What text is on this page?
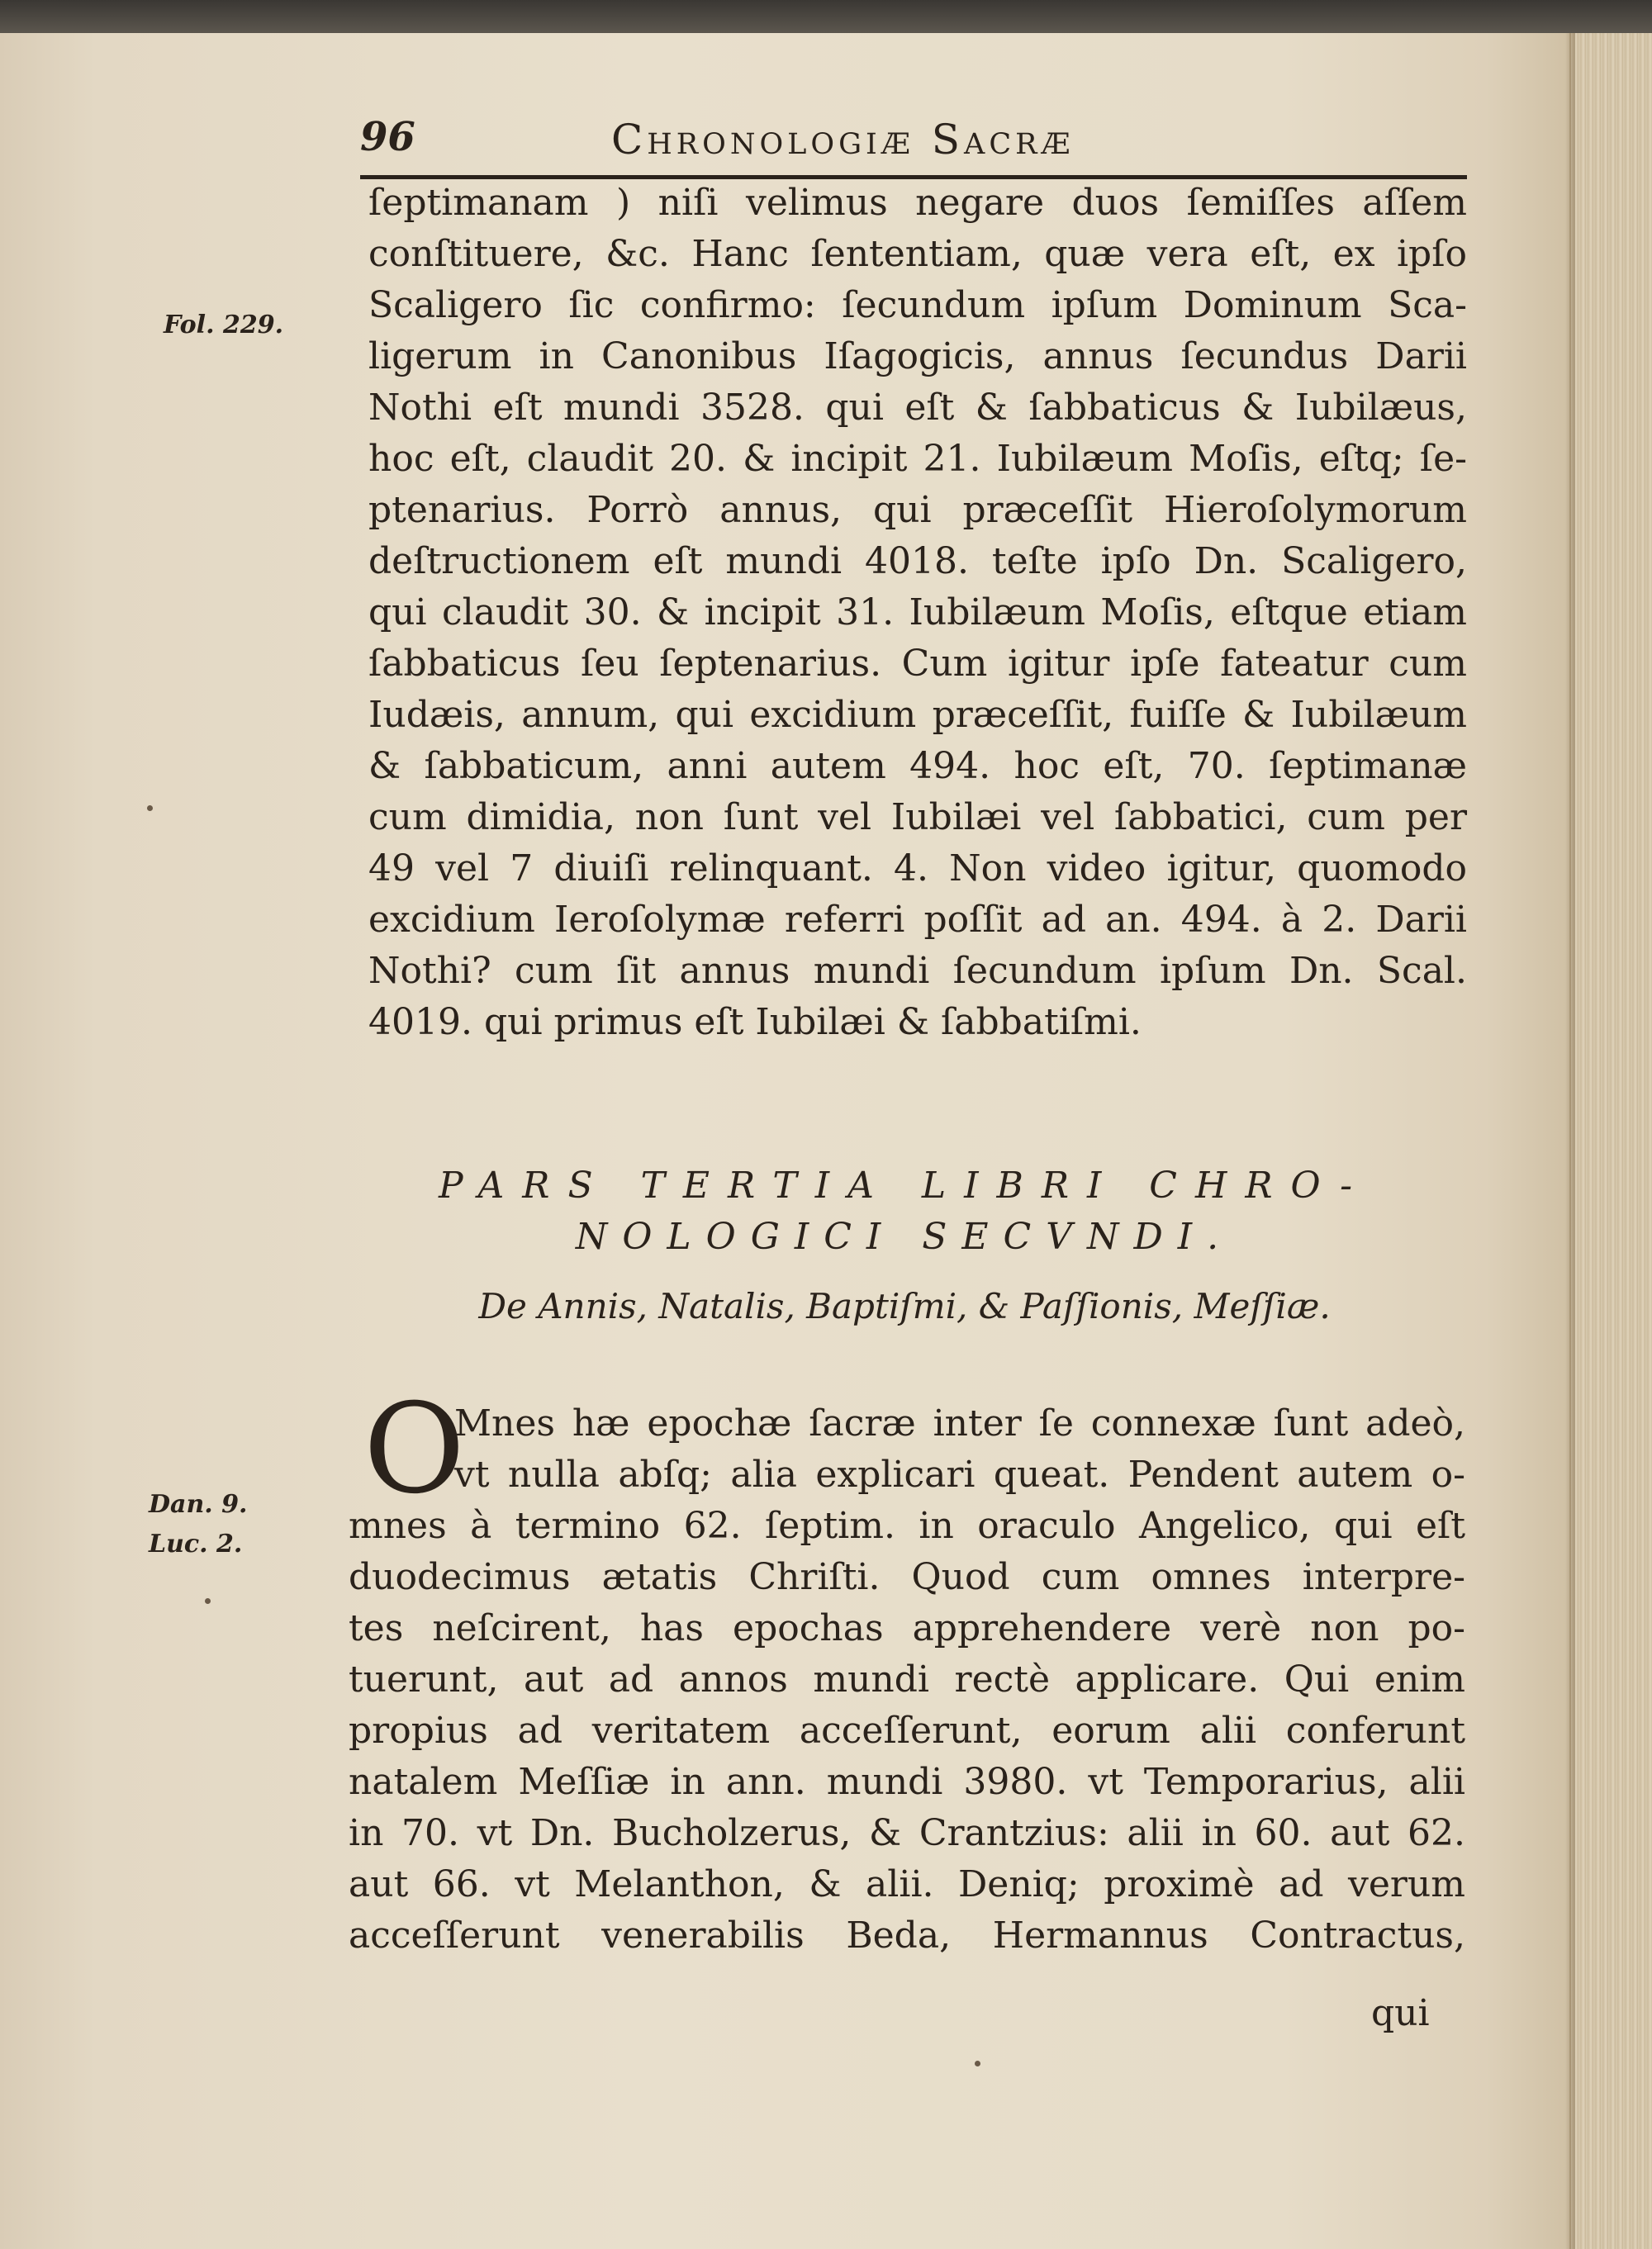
96	Chronologiæ Sacræ
Fol. 229.
ſeptimanam ) niſi velimus negare duos ſemiſſes aſſem
conſtituere, &c. Hanc ſententiam, quæ vera eſt, ex ipſo
Scaligero ſic confirmo: ſecundum ipſum Dominum Sca-
ligerum in Canonibus Iſagogicis, annus ſecundus Darii
Nothi eſt mundi 3528. qui eſt & ſabbaticus & Iubilæus,
hoc eſt, claudit 20. & incipit 21. Iubilæum Moſis, eſtq; ſe-
ptenarius. Porrò annus, qui præceſſit Hieroſolymorum
deſtructionem eſt mundi 4018. teſte ipſo Dn. Scaligero,
qui claudit 30. & incipit 31. Iubilæum Moſis, eſtque etiam
ſabbaticus ſeu ſeptenarius. Cum igitur ipſe fateatur cum
Iudæis, annum, qui excidium præceſſit, fuiſſe & Iubilæum
& ſabbaticum, anni autem 494. hoc eſt, 70. ſeptimanæ
cum dimidia, non ſunt vel Iubilæi vel ſabbatici, cum per
49 vel 7 diuiſi relinquant. 4. Non video igitur, quomodo
excidium Ieroſolymæ referri poſſit ad an. 494. à 2. Darii
Nothi? cum ſit annus mundi ſecundum ipſum Dn. Scal.
4019. qui primus eſt Iubilæi & ſabbatiſmi.
PARS TERTIA LIBRI CHRO-
NOLOGICI SECVNDI.
De Annis, Natalis, Baptiſmi, & Paſſionis, Meſſiæ.
Dan. 9.
Luc. 2.
O
Mnes hæ epochæ ſacræ inter ſe connexæ ſunt adeò,
vt nulla abſq; alia explicari queat. Pendent autem o-
mnes à termino 62. ſeptim. in oraculo Angelico, qui eſt
duodecimus ætatis Chriſti. Quod cum omnes interpre-
tes neſcirent, has epochas apprehendere verè non po-
tuerunt, aut ad annos mundi rectè applicare. Qui enim
propius ad veritatem acceſſerunt, eorum alii conferunt
natalem Meſſiæ in ann. mundi 3980. vt Temporarius, alii
in 70. vt Dn. Bucholzerus, & Crantzius: alii in 60. aut 62.
aut 66. vt Melanthon, & alii. Deniq; proximè ad verum
acceſſerunt venerabilis Beda, Hermannus Contractus,
qui
